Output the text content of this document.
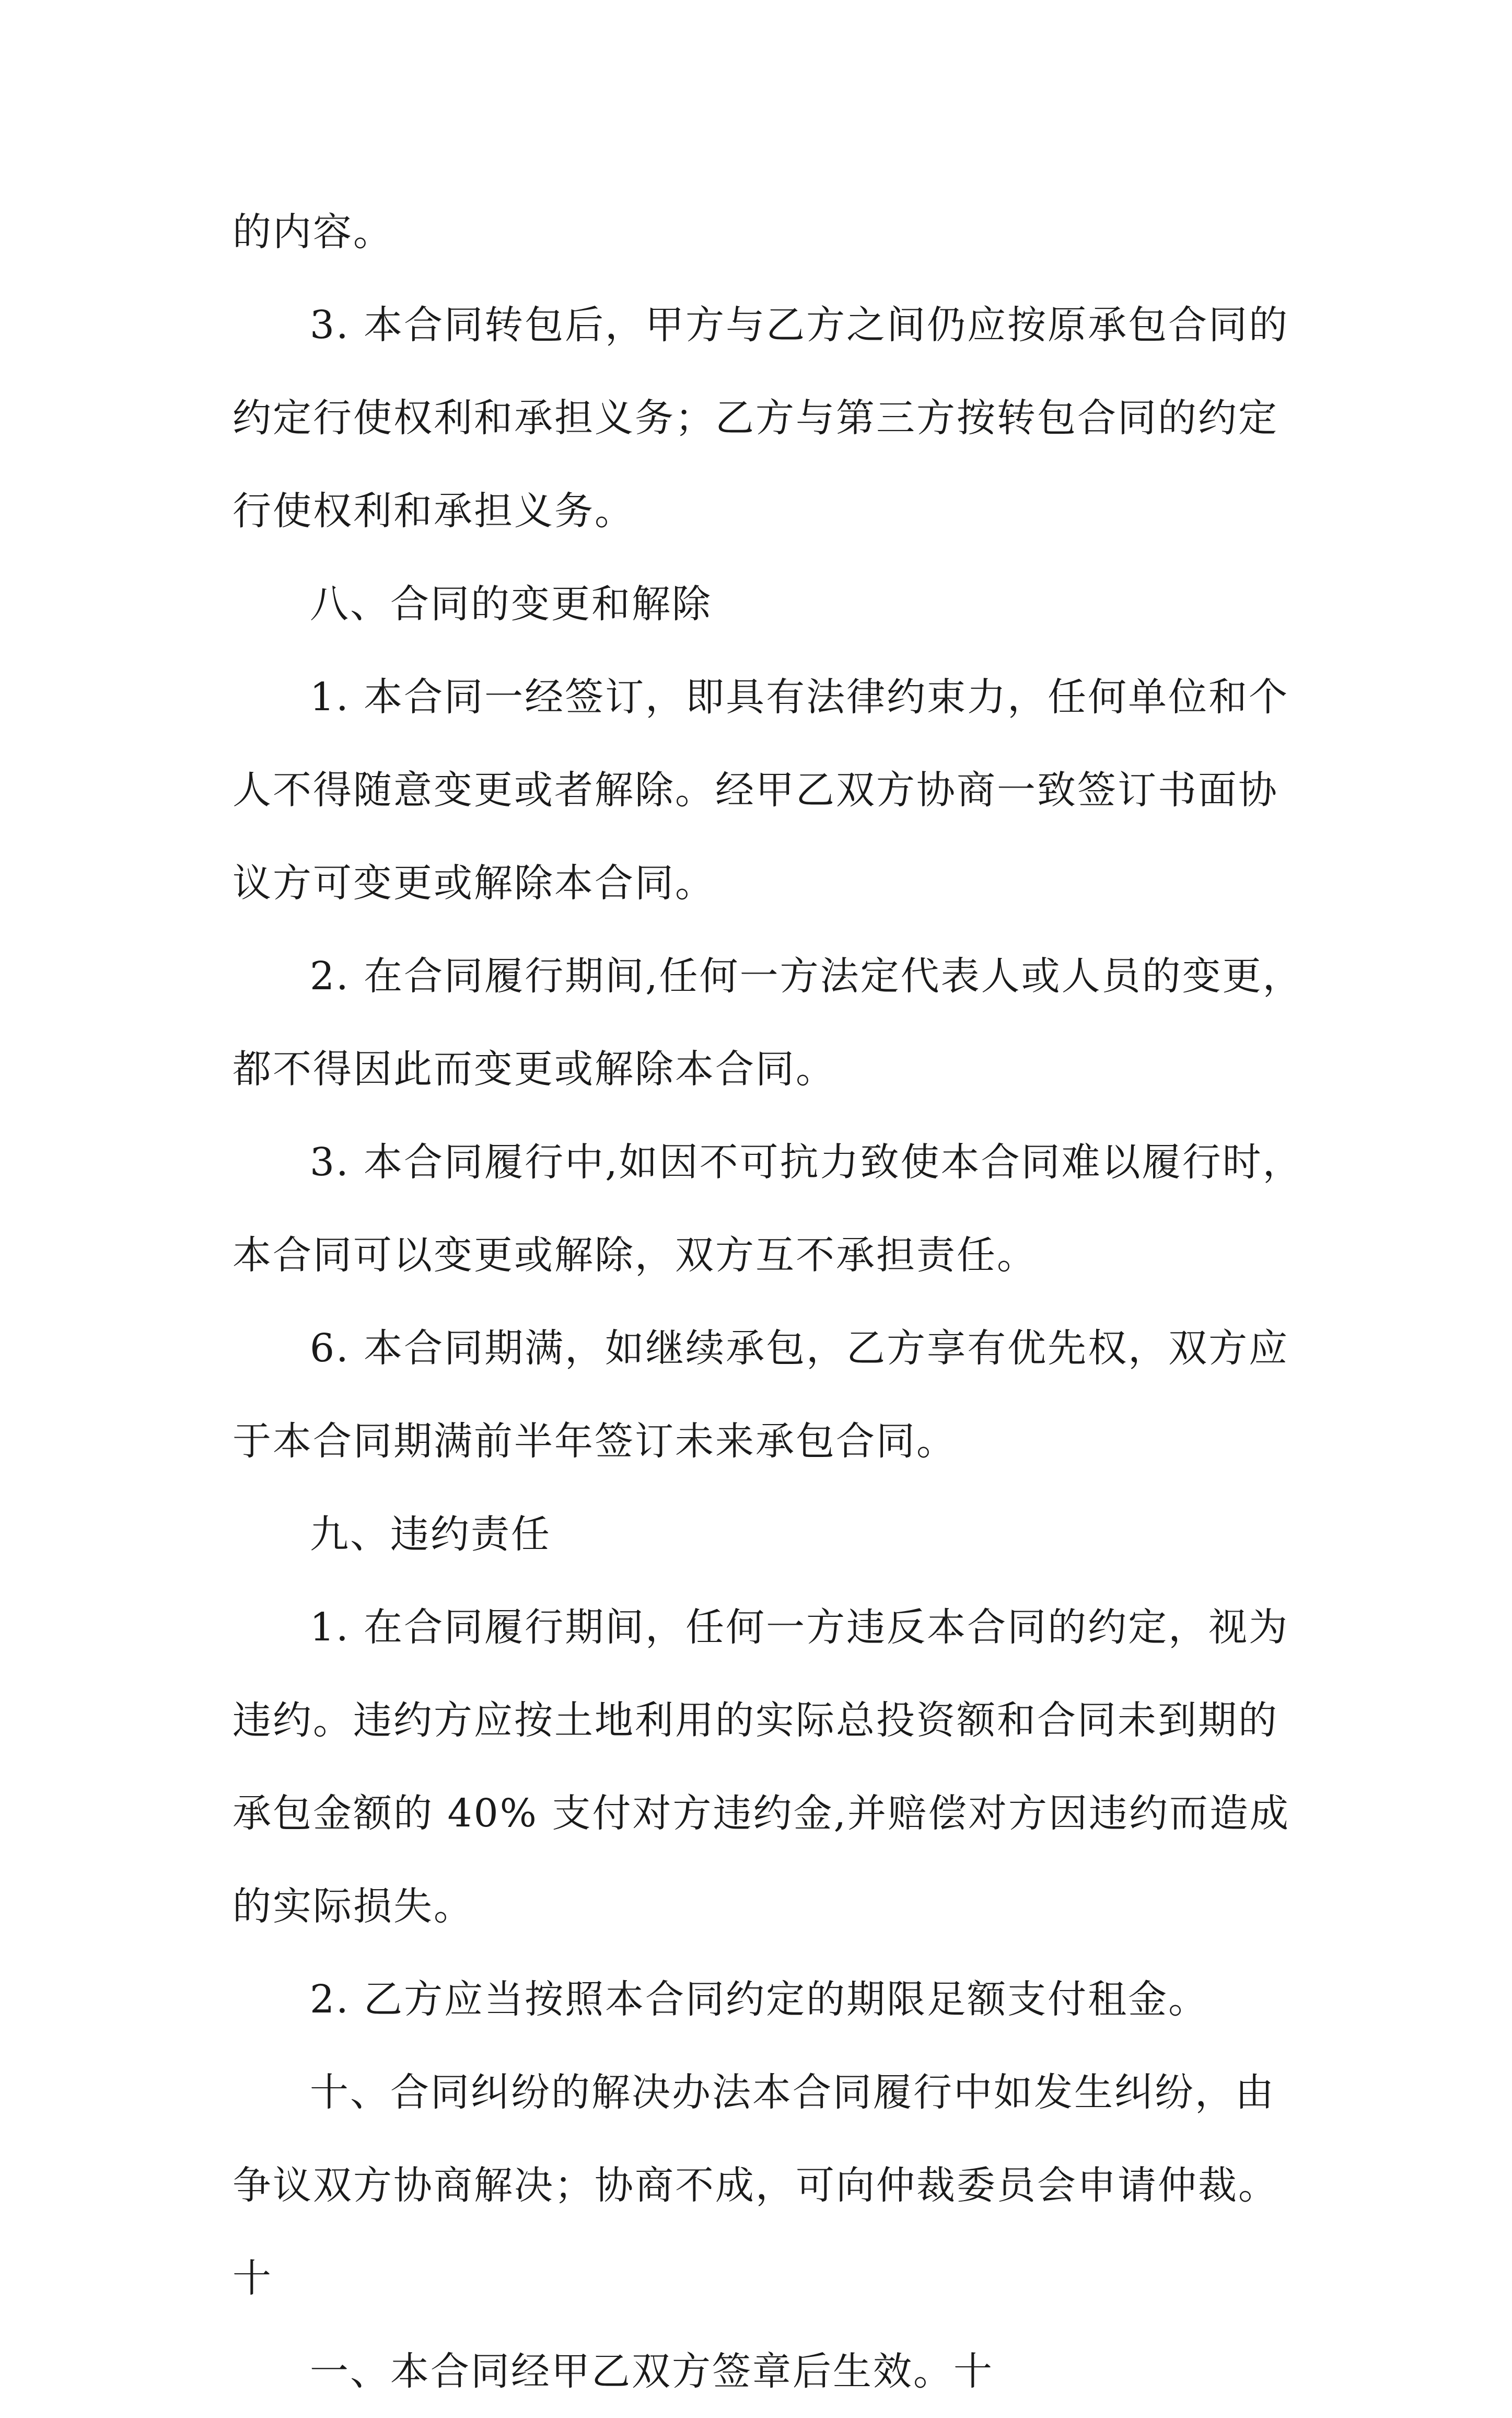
的内容。
3. 本合同转包后，甲方与乙方之间仍应按原承包合同的
约定行使权利和承担义务；乙方与第三方按转包合同的约定
行使权利和承担义务。
八、合同的变更和解除
1. 本合同一经签订，即具有法律约束力，任何单位和个
人不得随意变更或者解除。经甲乙双方协商一致签订书面协
议方可变更或解除本合同。
2. 在合同履行期间,任何一方法定代表人或人员的变更，
都不得因此而变更或解除本合同。
3. 本合同履行中,如因不可抗力致使本合同难以履行时，
本合同可以变更或解除，双方互不承担责任。
6. 本合同期满，如继续承包，乙方享有优先权，双方应
于本合同期满前半年签订未来承包合同。
九、违约责任
1. 在合同履行期间，任何一方违反本合同的约定，视为
违约。违约方应按土地利用的实际总投资额和合同未到期的
承包金额的 40% 支付对方违约金,并赔偿对方因违约而造成
的实际损失。
2. 乙方应当按照本合同约定的期限足额支付租金。
十、合同纠纷的解决办法本合同履行中如发生纠纷，由
争议双方协商解决；协商不成，可向仲裁委员会申请仲裁。
十
一、本合同经甲乙双方签章后生效。十
